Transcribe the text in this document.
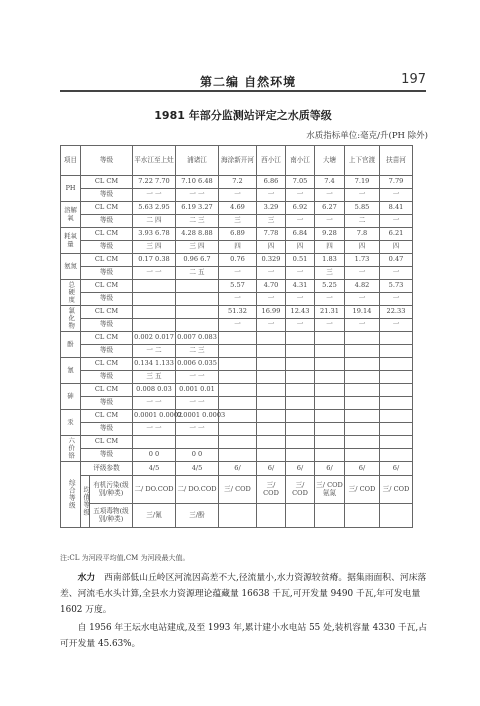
第二编 自然环境	197
1981 年部分监测站评定之水质等级
水质指标单位:毫克/升(PH 除外)
项目	等级		平水江至上灶	浦诸江	海涂新开河	西小江	南小江	大塘	上下官渡	扶苗河
PH	CL CM		7.22 7.70	7.10 6.48	7.2	6.86	7.05	7.4	7.19	7.79
	等级		一 一	一 一	一	一	一	一	一	一
溶解氧	CL CM		5.63 2.95	6.19 3.27	4.69	3.29	6.92	6.27	5.85	8.41
	等级		二 四	二 三	三	三	一	一	二	一
耗氧量	CL CM		3.93 6.78	4.28 8.88	6.89	7.78	6.84	9.28	7.8	6.21
	等级		三 四	三 四	四	四	四	四	四	四
氨氮	CL CM		0.17 0.38	0.96 6.7	0.76	0.329	0.51	1.83	1.73	0.47
	等级		一 一	二 五	一	一	一	三	一	一
总硬度	CL CM				5.57	4.70	4.31	5.25	4.82	5.73
	等级				一	一	一	一	一	一
氯化物	CL CM				51.32	16.99	12.43	21.31	19.14	22.33
	等级				一	一	一	一	一	一
酚	CL CM		0.002 0.017	0.007 0.083						
	等级		一 二	二 三						
氰	CL CM		0.134 1.133	0.006 0.035						
	等级		三 五	一 一						
砷	CL CM		0.008 0.03	0.001 0.01						
	等级		一 一	一 一						
汞	CL CM		0.0001 0.0002	0.0001 0.0003						
	等级		一 一	一 一						
六价铬	CL CM									
	等级		0 0	0 0						
综合等级	评级参数		4/5	4/5	6/	6/	6/	6/	6/	6/
	均值等级	有机污染(级别/种类)	二/ DO.COD	二/ DO.COD	三/ COD	三/ COD	三/ COD	三/ COD氨氮	三/ COD	三/ COD
		五项毒物(级别/种类)	三/氰	三/酚						
注:CL 为河段平均值,CM 为河段最大值。
  水力  西南部低山丘岭区河流因高差不大,径流量小,水力资源较贫瘠。据集雨面积、河床落差、河流毛水头计算,全县水力资源理论蕴藏量 16638 千瓦,可开发量 9490 千瓦,年可发电量 1602 万度。
  自 1956 年王坛水电站建成,及至 1993 年,累计建小水电站 55 处,装机容量 4330 千瓦,占可开发量 45.63%。
